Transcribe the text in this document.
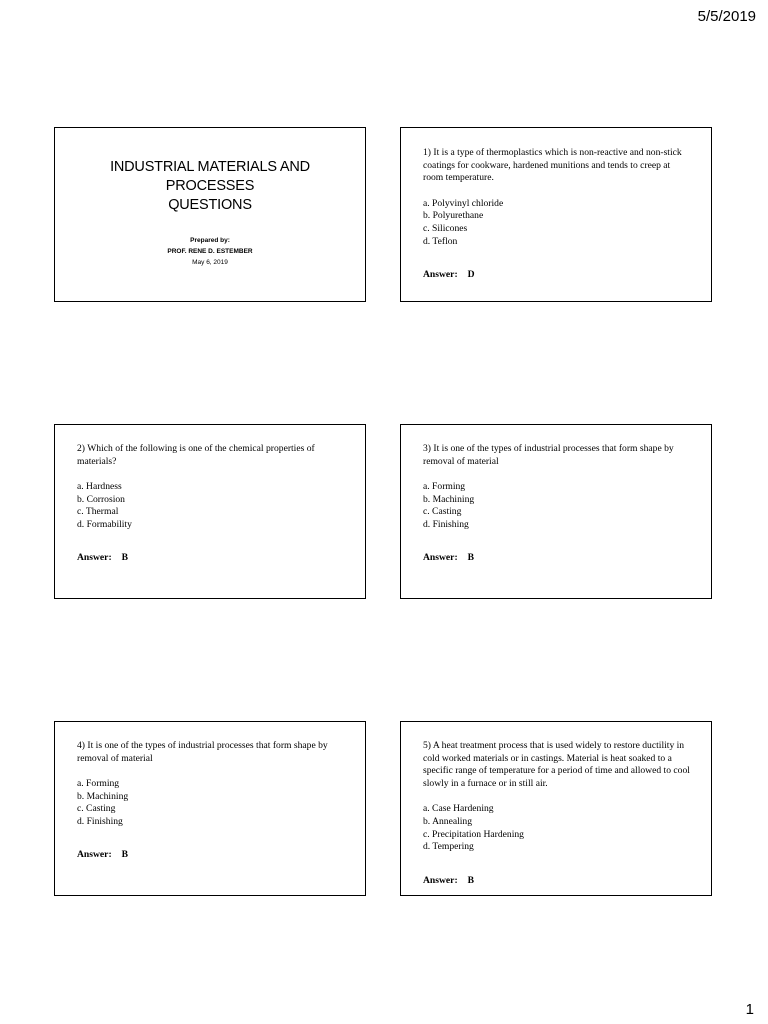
5/5/2019
INDUSTRIAL MATERIALS AND
PROCESSES
QUESTIONS
Prepared by:
PROF. RENE D. ESTEMBER
May 6, 2019

1) It is a type of thermoplastics which is non-reactive and non-stick coatings for cookware, hardened munitions and tends to creep at room temperature.

a. Polyvinyl chloride
b. Polyurethane
c. Silicones
d. Teflon
Answer: D

2) Which of the following is one of the chemical properties of materials?

a. Hardness
b. Corrosion
c. Thermal
d. Formability
Answer: B

3) It is one of the types of industrial processes that form shape by removal of material

a. Forming
b. Machining
c. Casting
d. Finishing
Answer: B

4) It is one of the types of industrial processes that form shape by removal of material

a. Forming
b. Machining
c. Casting
d. Finishing
Answer: B

5) A heat treatment process that is used widely to restore ductility in cold worked materials or in castings. Material is heat soaked to a specific range of temperature for a period of time and allowed to cool slowly in a furnace or in still air.

a. Case Hardening
b. Annealing
c. Precipitation Hardening
d. Tempering
Answer: B
1
